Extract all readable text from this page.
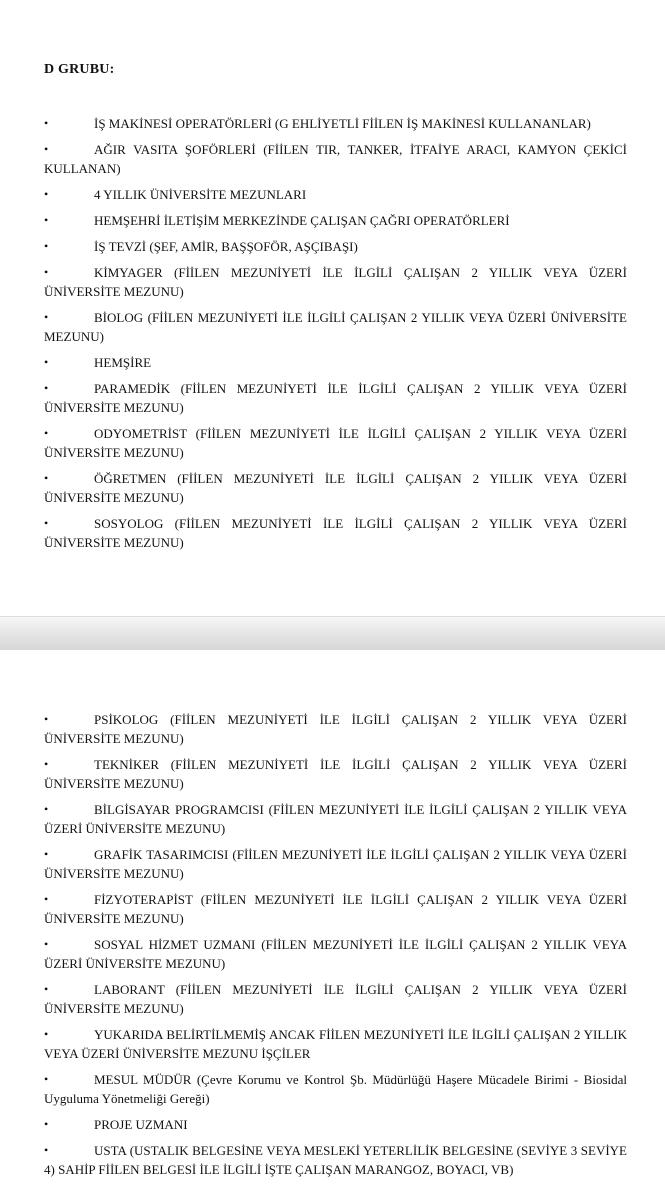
D GRUBU:
•	İŞ MAKİNESİ OPERATÖRLERİ (G EHLİYETLİ FİİLEN İŞ MAKİNESİ KULLANANLAR)
•	AĞIR VASITA ŞOFÖRLERİ (FİİLEN TIR, TANKER, İTFAİYE ARACI, KAMYON ÇEKİCİ KULLANAN)
•	4 YILLIK ÜNİVERSİTE MEZUNLARI
•	HEMŞEHRİ İLETİŞİM MERKEZİNDE ÇALIŞAN ÇAĞRI OPERATÖRLERİ
•	İŞ TEVZİ (ŞEF, AMİR, BAŞŞOFÖR, AŞÇIBAŞI)
•	KİMYAGER (FİİLEN MEZUNİYETİ İLE İLGİLİ ÇALIŞAN 2 YILLIK VEYA ÜZERİ ÜNİVERSİTE MEZUNU)
•	BİOLOG (FİİLEN MEZUNİYETİ İLE İLGİLİ ÇALIŞAN 2 YILLIK VEYA ÜZERİ ÜNİVERSİTE MEZUNU)
•	HEMŞİRE
•	PARAMEDİK (FİİLEN MEZUNİYETİ İLE İLGİLİ ÇALIŞAN 2 YILLIK VEYA ÜZERİ ÜNİVERSİTE MEZUNU)
•	ODYOMETRİST (FİİLEN MEZUNİYETİ İLE İLGİLİ ÇALIŞAN 2 YILLIK VEYA ÜZERİ ÜNİVERSİTE MEZUNU)
•	ÖĞRETMEN (FİİLEN MEZUNİYETİ İLE İLGİLİ ÇALIŞAN 2 YILLIK VEYA ÜZERİ ÜNİVERSİTE MEZUNU)
•	SOSYOLOG (FİİLEN MEZUNİYETİ İLE İLGİLİ ÇALIŞAN 2 YILLIK VEYA ÜZERİ ÜNİVERSİTE MEZUNU)
•	PSİKOLOG (FİİLEN MEZUNİYETİ İLE İLGİLİ ÇALIŞAN 2 YILLIK VEYA ÜZERİ ÜNİVERSİTE MEZUNU)
•	TEKNİKER (FİİLEN MEZUNİYETİ İLE İLGİLİ ÇALIŞAN 2 YILLIK VEYA ÜZERİ ÜNİVERSİTE MEZUNU)
•	BİLGİSAYAR PROGRAMCISI (FİİLEN MEZUNİYETİ İLE İLGİLİ ÇALIŞAN 2 YILLIK VEYA ÜZERİ ÜNİVERSİTE MEZUNU)
•	GRAFİK TASARIMCISI (FİİLEN MEZUNİYETİ İLE İLGİLİ ÇALIŞAN 2 YILLIK VEYA ÜZERİ ÜNİVERSİTE MEZUNU)
•	FİZYOTERAPİST (FİİLEN MEZUNİYETİ İLE İLGİLİ ÇALIŞAN 2 YILLIK VEYA ÜZERİ ÜNİVERSİTE MEZUNU)
•	SOSYAL HİZMET UZMANI (FİİLEN MEZUNİYETİ İLE İLGİLİ ÇALIŞAN 2 YILLIK VEYA ÜZERİ ÜNİVERSİTE MEZUNU)
•	LABORANT (FİİLEN MEZUNİYETİ İLE İLGİLİ ÇALIŞAN 2 YILLIK VEYA ÜZERİ ÜNİVERSİTE MEZUNU)
•	YUKARIDA BELİRTİLMEMİŞ ANCAK FİİLEN MEZUNİYETİ İLE İLGİLİ ÇALIŞAN 2 YILLIK VEYA ÜZERİ ÜNİVERSİTE MEZUNU İŞÇİLER
•	MESUL MÜDÜR (Çevre Korumu ve Kontrol Şb. Müdürlüğü Haşere Mücadele Birimi - Biosidal Uyguluma Yönetmeliği Gereği)
•	PROJE UZMANI
•	USTA (USTALIK BELGESİNE VEYA MESLEKİ YETERLİLİK BELGESİNE (SEVİYE 3 SEVİYE 4) SAHİP FİİLEN BELGESİ İLE İLGİLİ İŞTE ÇALIŞAN MARANGOZ, BOYACI, VB)
